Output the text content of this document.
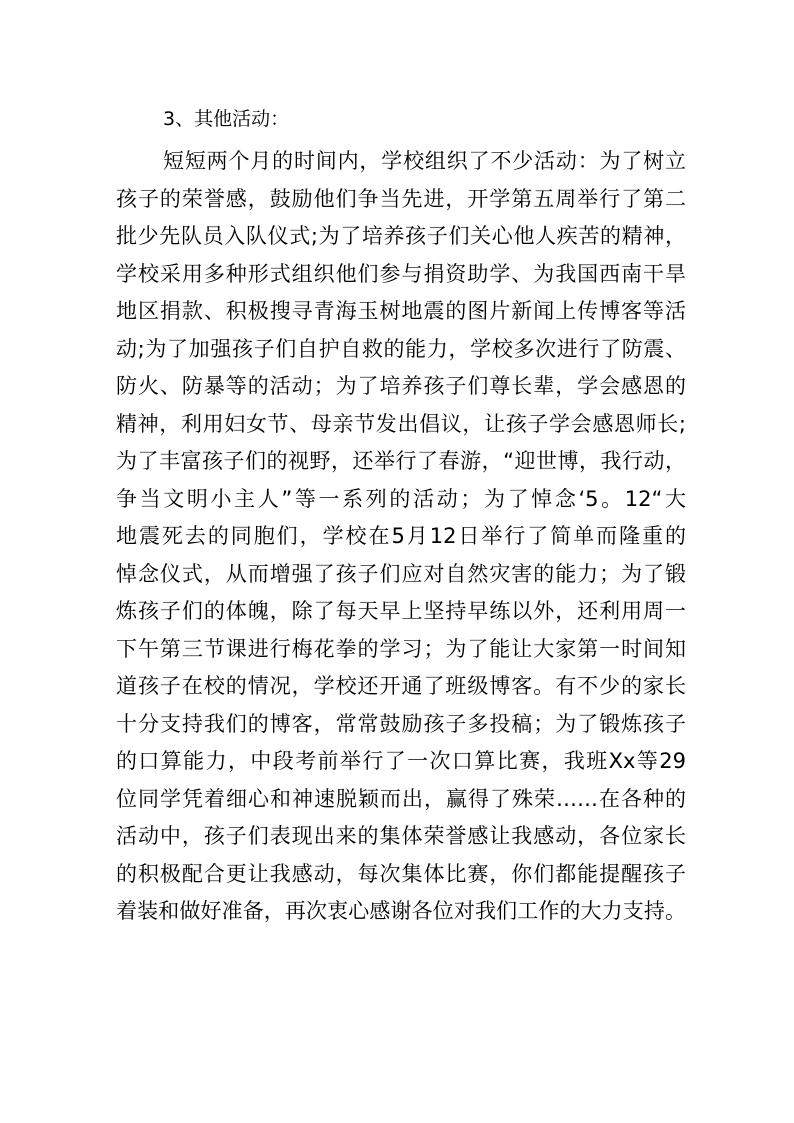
3、其他活动：
短短两个月的时间内，学校组织了不少活动：为了树立
孩子的荣誉感，鼓励他们争当先进，开学第五周举行了第二
批少先队员入队仪式;为了培养孩子们关心他人疾苦的精神，
学校采用多种形式组织他们参与捐资助学、为我国西南干旱
地区捐款、积极搜寻青海玉树地震的图片新闻上传博客等活
动;为了加强孩子们自护自救的能力，学校多次进行了防震、
防火、防暴等的活动；为了培养孩子们尊长辈，学会感恩的
精神，利用妇女节、母亲节发出倡议，让孩子学会感恩师长;
为了丰富孩子们的视野，还举行了春游，“迎世博，我行动，
争当文明小主人”等一系列的活动；为了悼念‘5。12“大
地震死去的同胞们，学校在5月12日举行了简单而隆重的
悼念仪式，从而增强了孩子们应对自然灾害的能力；为了锻
炼孩子们的体魄，除了每天早上坚持早练以外，还利用周一
下午第三节课进行梅花拳的学习；为了能让大家第一时间知
道孩子在校的情况，学校还开通了班级博客。有不少的家长
十分支持我们的博客，常常鼓励孩子多投稿；为了锻炼孩子
的口算能力，中段考前举行了一次口算比赛，我班Xx等29
位同学凭着细心和神速脱颖而出，赢得了殊荣……在各种的
活动中，孩子们表现出来的集体荣誉感让我感动，各位家长
的积极配合更让我感动，每次集体比赛，你们都能提醒孩子
着装和做好准备，再次衷心感谢各位对我们工作的大力支持。
